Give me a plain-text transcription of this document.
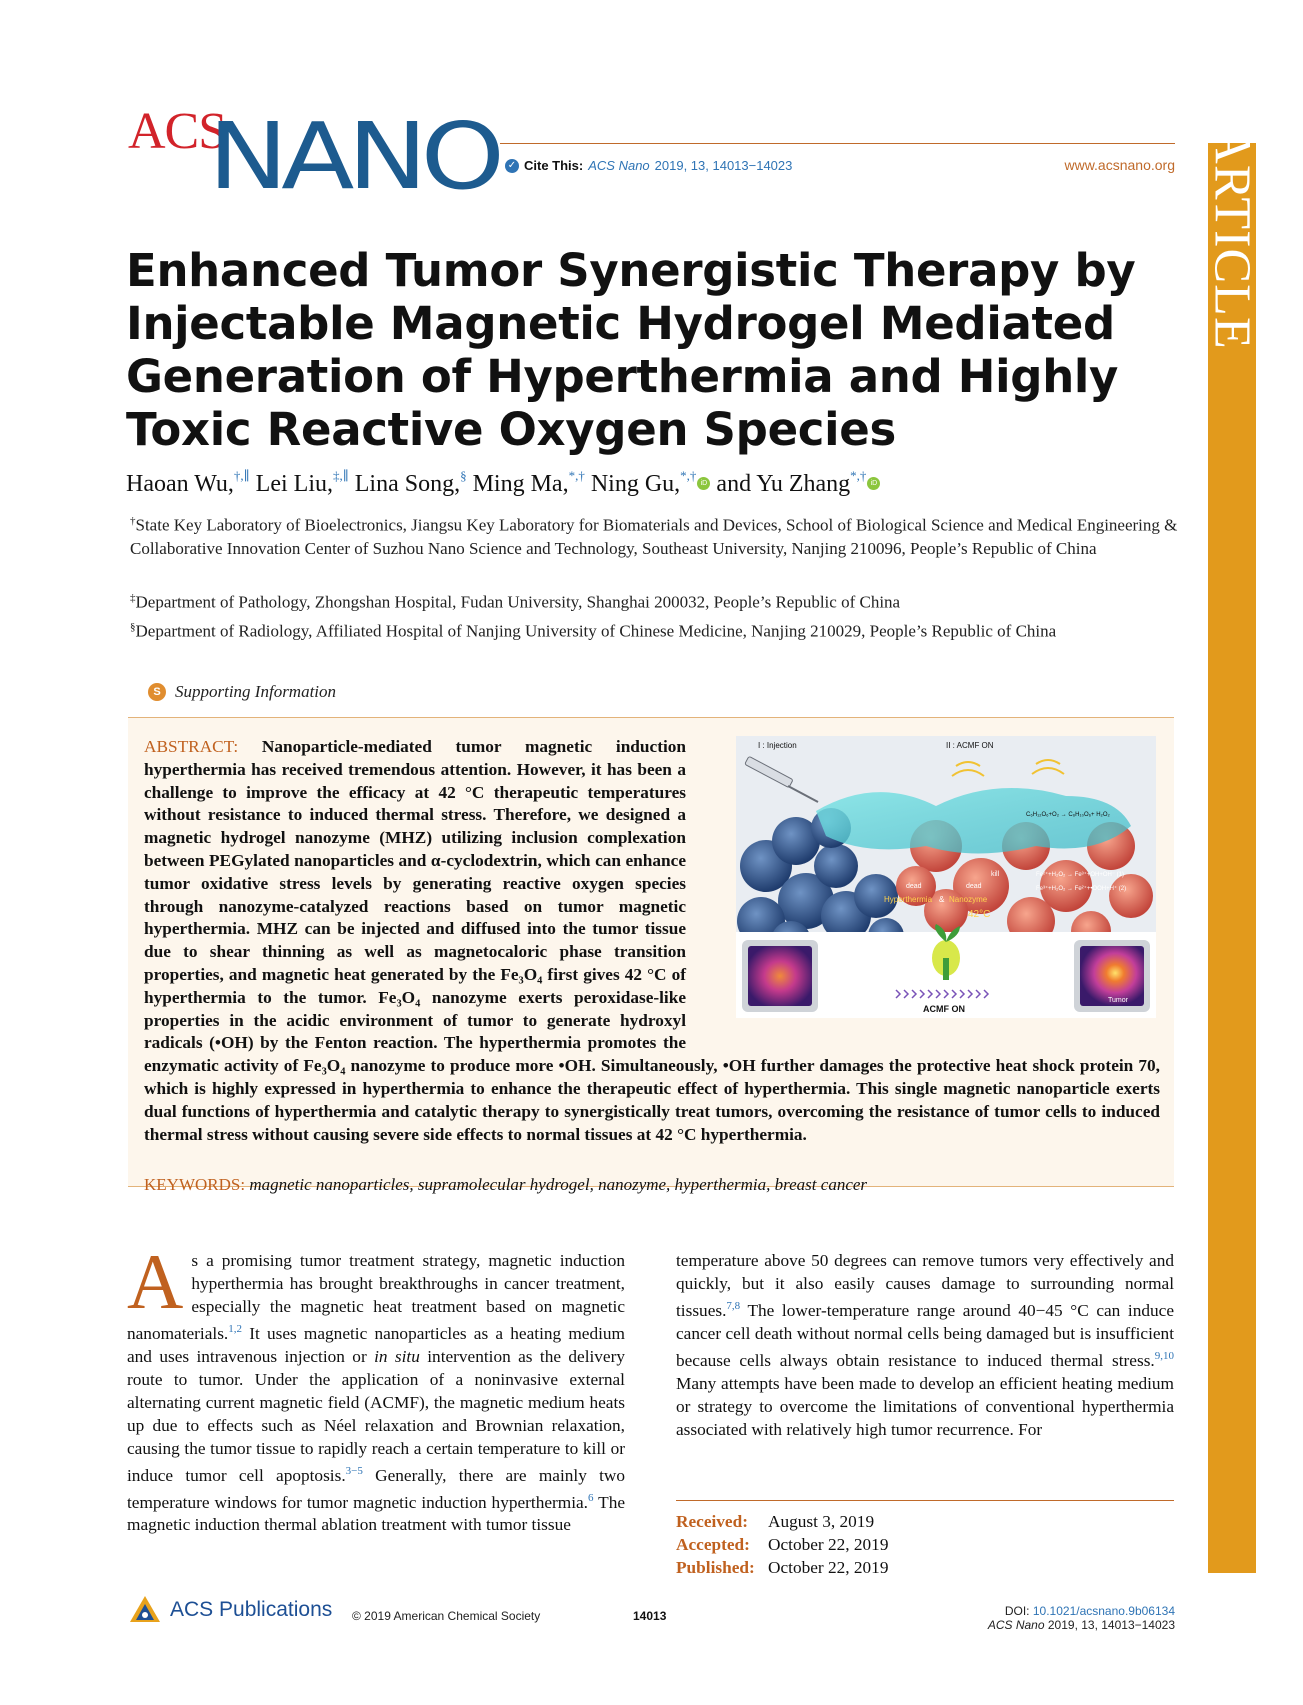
ACS
NANO ✓ Cite This: ACS Nano 2019, 13, 14013−14023	www.acsnano.org ARTICLE
Enhanced Tumor Synergistic Therapy by Injectable Magnetic Hydrogel Mediated Generation of Hyperthermia and Highly Toxic Reactive Oxygen Species
Haoan Wu,†,∥ Lei Liu,‡,∥ Lina Song,§ Ming Ma,*,† Ning Gu,*,†iD and Yu Zhang*,†iD
†State Key Laboratory of Bioelectronics, Jiangsu Key Laboratory for Biomaterials and Devices, School of Biological Science and Medical Engineering & Collaborative Innovation Center of Suzhou Nano Science and Technology, Southeast University, Nanjing 210096, People’s Republic of China
‡Department of Pathology, Zhongshan Hospital, Fudan University, Shanghai 200032, People’s Republic of China
§Department of Radiology, Affiliated Hospital of Nanjing University of Chinese Medicine, Nanjing 210029, People’s Republic of China
S Supporting Information

ABSTRACT: Nanoparticle-mediated tumor magnetic induction hyperthermia has received tremendous attention. However, it has been a challenge to improve the efficacy at 42 °C therapeutic temperatures without resistance to induced thermal stress. Therefore, we designed a magnetic hydrogel nanozyme (MHZ) utilizing inclusion complexation between PEGylated nanoparticles and α-cyclodextrin, which can enhance tumor oxidative stress levels by generating reactive oxygen species through nanozyme-catalyzed reactions based on tumor magnetic hyperthermia. MHZ can be injected and diffused into the tumor tissue due to shear thinning as well as magnetocaloric phase transition properties, and magnetic heat generated by the Fe₃O₄ first gives 42 °C of hyperthermia to the tumor. Fe₃O₄ nanozyme exerts peroxidase-like properties in the acidic environment of tumor to generate hydroxyl radicals (•OH) by the Fenton reaction. The hyperthermia promotes the enzymatic activity of Fe₃O₄ nanozyme to produce more •OH. Simultaneously, •OH further damages the protective heat shock protein 70, which is highly expressed in hyperthermia to enhance the therapeutic effect of hyperthermia. This single magnetic nanoparticle exerts dual functions of hyperthermia and catalytic therapy to synergistically treat tumors, overcoming the resistance of tumor cells to induced thermal stress without causing severe side effects to normal tissues at 42 °C hyperthermia.

I : Injection	II : ACMF ON
C₆H₁₂O₆+O₂ → C₆H₁₀O₆+ H₂O₂
Fe²⁺+H₂O₂ → Fe³⁺+OH+OH⁻ (1)
Fe³⁺+H₂O₂ → Fe²⁺+•OOH+H⁺ (2)
dead	dead
kill
Hyperthermia & Nanozyme
42°C
Tumor
ACMF ON
KEYWORDS: magnetic nanoparticles, supramolecular hydrogel, nanozyme, hyperthermia, breast cancer

As a promising tumor treatment strategy, magnetic induction hyperthermia has brought breakthroughs in cancer treatment, especially the magnetic heat treatment based on magnetic nanomaterials.$^{1,2}$ It uses magnetic nanoparticles as a heating medium and uses intravenous injection or in situ intervention as the delivery route to tumor. Under the application of a noninvasive external alternating current magnetic field (ACMF), the magnetic medium heats up due to effects such as Néel relaxation and Brownian relaxation, causing the tumor tissue to rapidly reach a certain temperature to kill or induce tumor cell apoptosis.$^{3-5}$ Generally, there are mainly two temperature windows for tumor magnetic induction hyperthermia.$^6$ The magnetic induction thermal ablation treatment with tumor tissue

temperature above 50 degrees can remove tumors very effectively and quickly, but it also easily causes damage to surrounding normal tissues.$^{7,8}$ The lower-temperature range around 40−45 °C can induce cancer cell death without normal cells being damaged but is insufficient because cells always obtain resistance to induced thermal stress.$^{9,10}$ Many attempts have been made to develop an efficient heating medium or strategy to overcome the limitations of conventional hyperthermia associated with relatively high tumor recurrence. For

Received:	August 3, 2019
Accepted:	October 22, 2019
Published: October 22, 2019
ACS Publications © 2019 American Chemical Society	14013	DOI: 10.1021/acsnano.9b06134
ACS Nano 2019, 13, 14013−14023
